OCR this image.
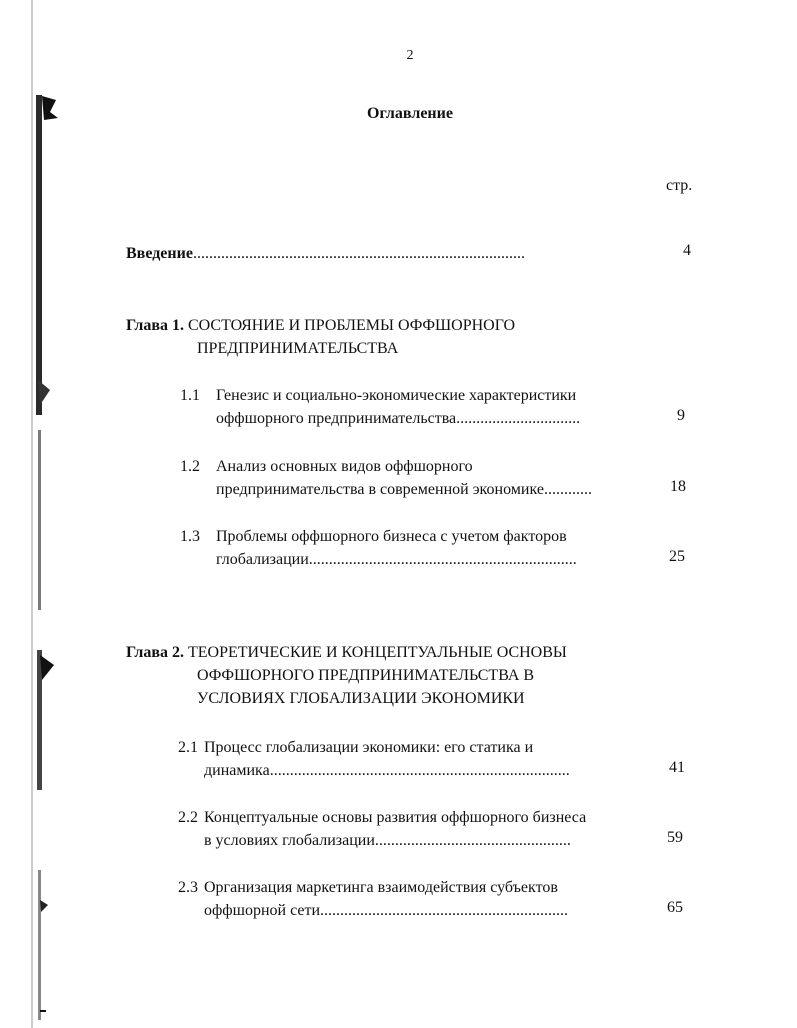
2
Оглавление
стр.
Введение...................................................................................	4
Глава 1. СОСТОЯНИЕ И ПРОБЛЕМЫ ОФФШОРНОГО
ПРЕДПРИНИМАТЕЛЬСТВА
1.1 Генезис и социально-экономические характеристики
оффшорного предпринимательства...............................	9
1.2 Анализ основных видов оффшорного
предпринимательства в современной экономике............	18
1.3 Проблемы оффшорного бизнеса с учетом факторов
глобализации...................................................................	25
Глава 2. ТЕОРЕТИЧЕСКИЕ И КОНЦЕПТУАЛЬНЫЕ ОСНОВЫ
ОФФШОРНОГО ПРЕДПРИНИМАТЕЛЬСТВА В
УСЛОВИЯХ ГЛОБАЛИЗАЦИИ ЭКОНОМИКИ
2.1 Процесс глобализации экономики: его статика и
динамика...........................................................................	41
2.2 Концептуальные основы развития оффшорного бизнеса
в условиях глобализации.................................................	59
2.3 Организация маркетинга взаимодействия субъектов
оффшорной сети..............................................................	65
